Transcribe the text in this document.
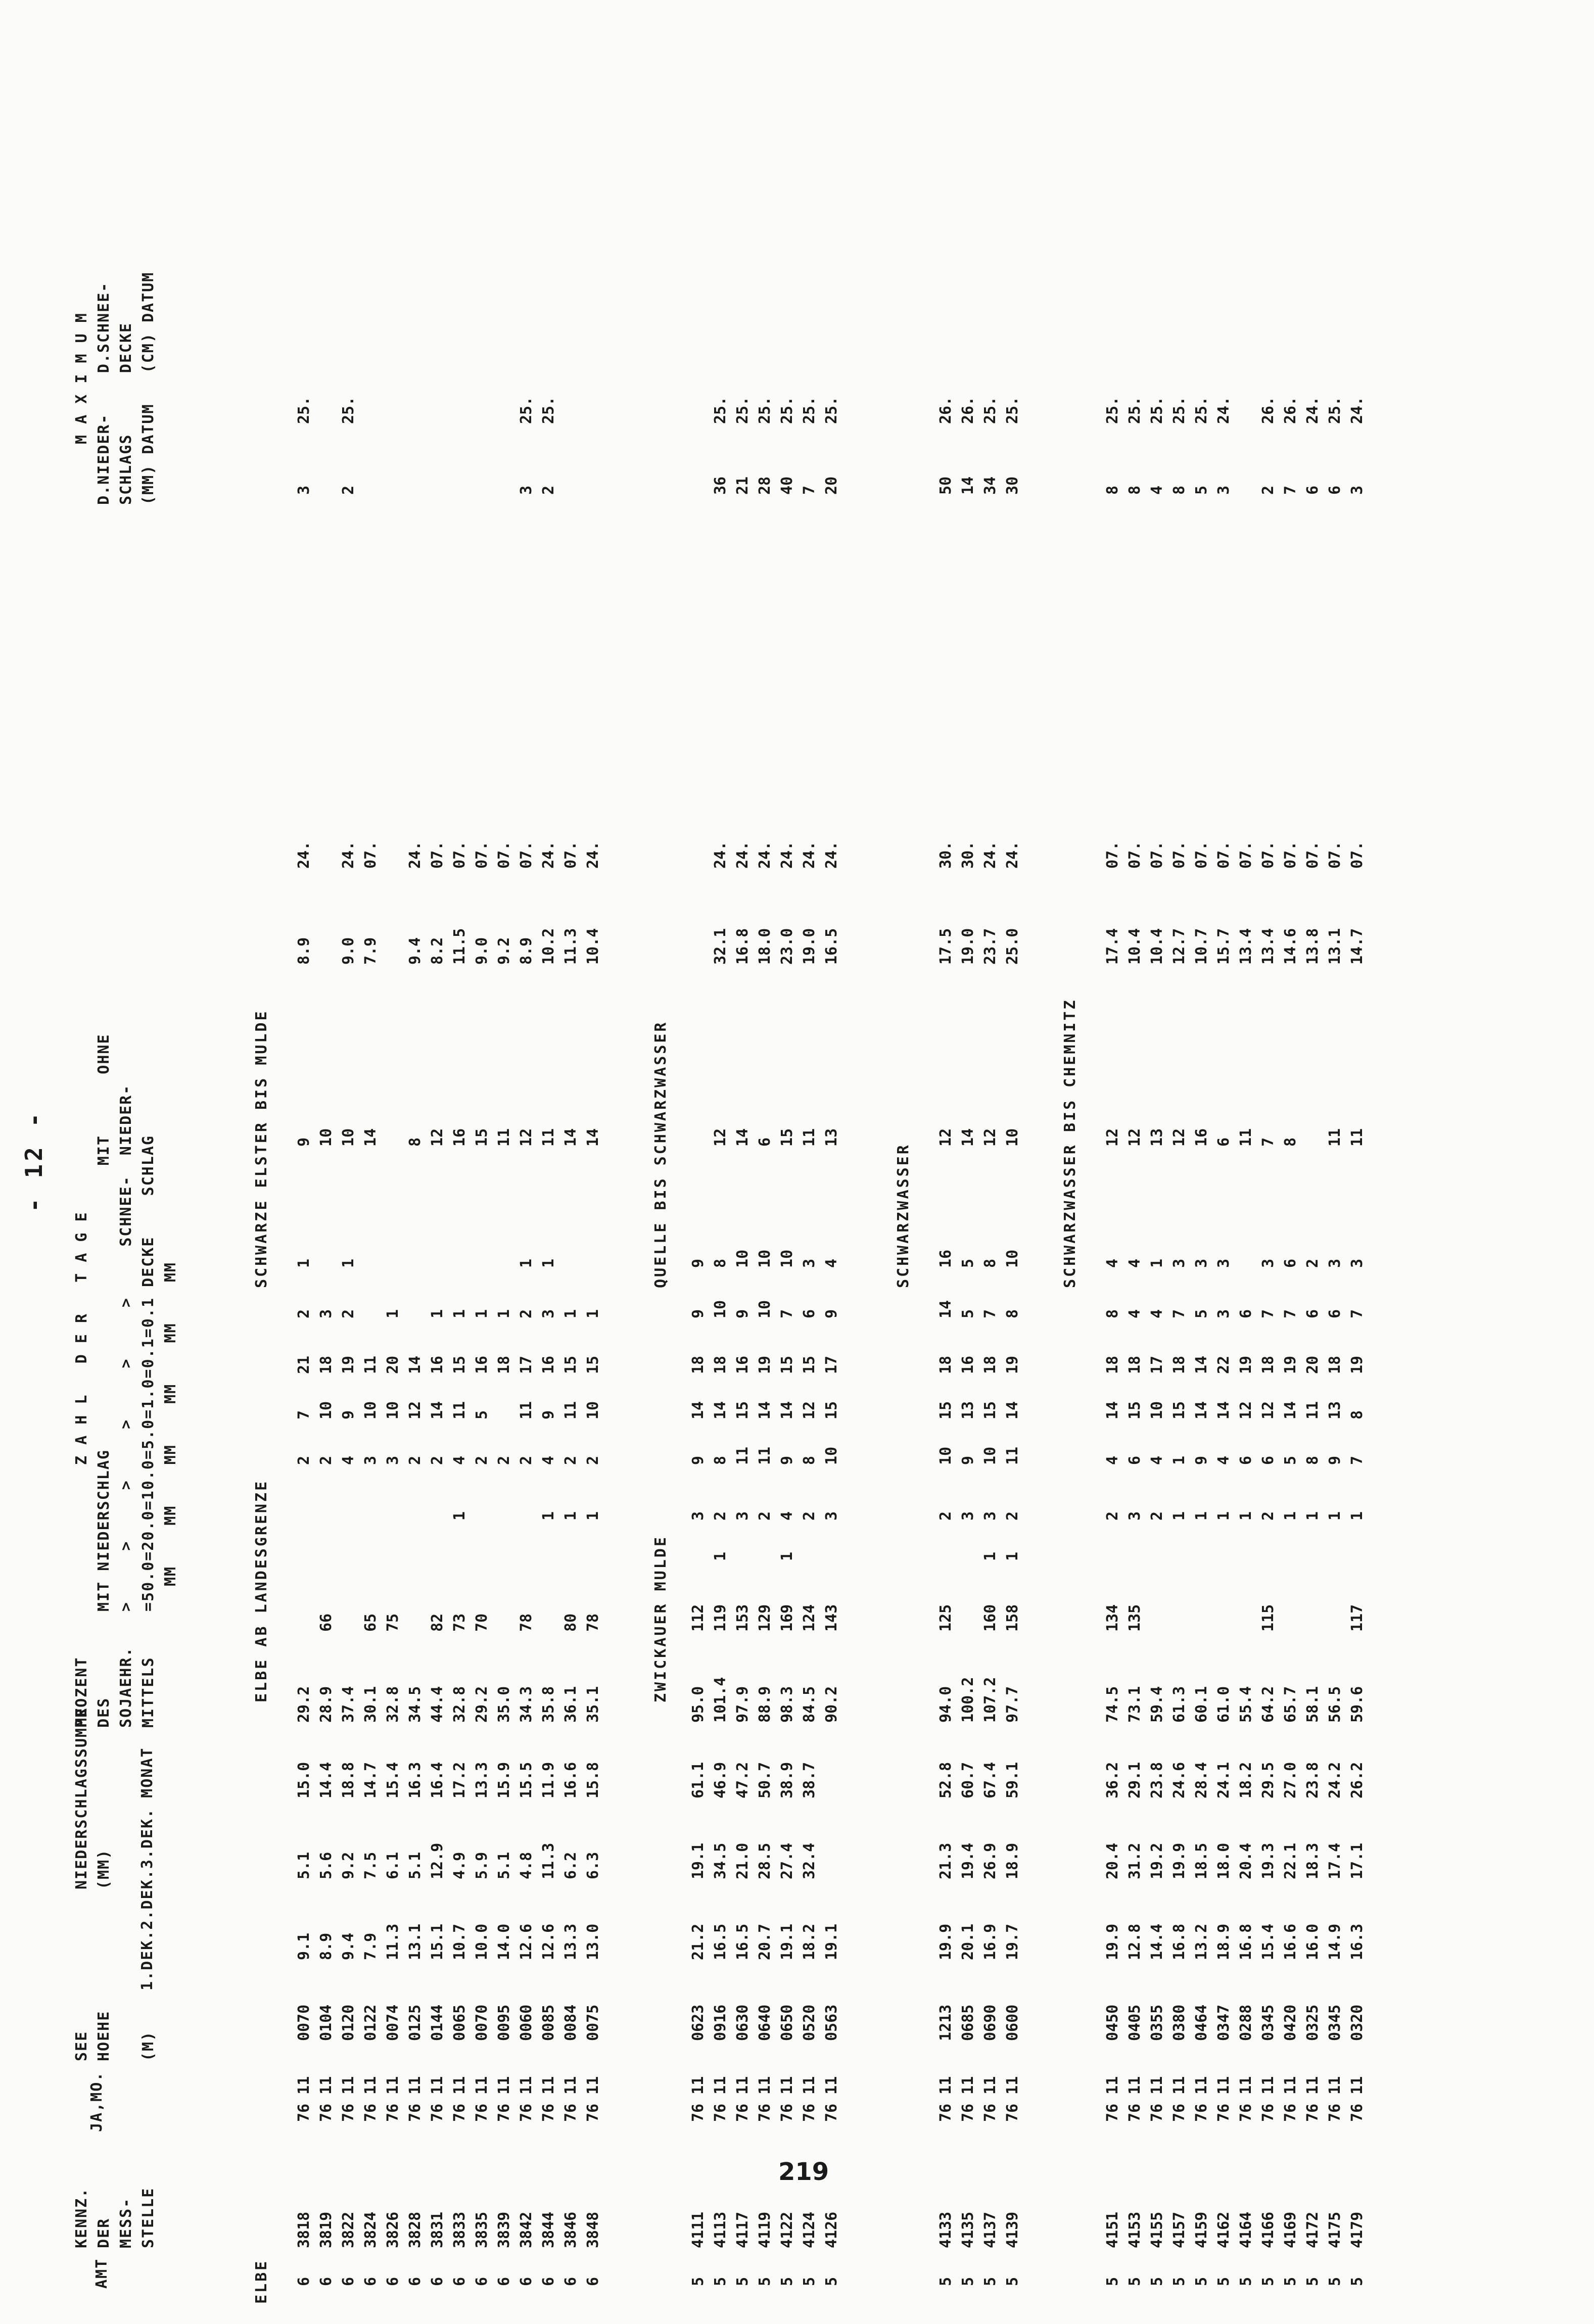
- 12 -
AMT
KENNZ.
DER
MESS-
STELLE
JA,MO.
SEE
HOEHE

(M)
NIEDERSCHLAGSSUMME
(MM) 1.DEK.2.DEK.3.DEK. MONAT
PROZENT
DES
SOJAEHR.
MITTELS
Z A H L   D E R   T A G E MIT NIEDERSCHLAG                            MIT      OHNE >     >     >     >     >     >     SCHNEE-  NIEDER- =50.0=20.0=10.0=5.0=1.0=0.1=0.1 DECKE    SCHLAG MM    MM    MM    MM    MM    MM
M A X I M U M
D.NIEDER-    D.SCHNEE-
SCHLAGS      DECKE
(MM) DATUM   (CM) DATUM
ELBE
ELBE AB LANDESGRENZE
SCHWARZE ELSTER BIS MULDE
ZWICKAUER MULDE
QUELLE BIS SCHWARZWASSER	SCHWARZWASSER	SCHWARZWASSER BIS CHEMNITZ
6
3818
76 11
0070
9.1
5.1
15.0
29.2
2
7
21
2
1
9
8.9
24.
3
25.
6
3819
76 11
0104
8.9
5.6
14.4
28.9
66
2
10
18
3
10
6
3822
76 11
0120
9.4
9.2
18.8
37.4
4
9
19
2
1
10
9.0
24.
2
25.
6
3824
76 11
0122
7.9
7.5
14.7
30.1
65
3
10
11
14
7.9
07.
6
3826
76 11
0074
11.3
6.1
15.4
32.8
75
3
10
20
1
6
3828
76 11
0125
13.1
5.1
16.3
34.5
2
12
14
8
9.4
24.
6
3831
76 11
0144
15.1
12.9
16.4
44.4
82
2
14
16
1
12
8.2
07.
6
3833
76 11
0065
10.7
4.9
17.2
32.8
73
1
4
11
15
1
16
11.5
07.
6
3835
76 11
0070
10.0
5.9
13.3
29.2
70
2
5
16
1
15
9.0
07.
6
3839
76 11
0095
14.0
5.1
15.9
35.0
2
18
1
11
9.2
07.
6
3842
76 11
0060
12.6
4.8
15.5
34.3
78
2
11
17
2
1
12
8.9
07.
3
25.
6
3844
76 11
0085
12.6
11.3
11.9
35.8
1
4
9
16
3
1
11
10.2
24.
2
25.
6
3846
76 11
0084
13.3
6.2
16.6
36.1
80
1
2
11
15
1
14
11.3
07.
6
3848
76 11
0075
13.0
6.3
15.8
35.1
78
1
2
10
15
1
14
10.4
24.
5
4111
76 11
0623
21.2
19.1
61.1
95.0
112
3
9
14
18
9
9
5
4113
76 11
0916
16.5
34.5
46.9
101.4
119
1
2
8
14
18
10
8
12
32.1
24.
36
25.
5
4117
76 11
0630
16.5
21.0
47.2
97.9
153
3
11
15
16
9
10
14
16.8
24.
21
25.
5
4119
76 11
0640
20.7
28.5
50.7
88.9
129
2
11
14
19
10
10
6
18.0
24.
28
25.
5
4122
76 11
0650
19.1
27.4
38.9
98.3
169
1
4
9
14
15
7
10
15
23.0
24.
40
25.
5
4124
76 11
0520
18.2
32.4
38.7
84.5
124
2
8
12
15
6
3
11
19.0
24.
7
25.
5
4126
76 11
0563
19.1
90.2
143
3
10
15
17
9
4
13
16.5
24.
20
25.
5
4133
76 11
1213
19.9
21.3
52.8
94.0
125
2
10
15
18
14
16
12
17.5
30.
50
26.
5
4135
76 11
0685
20.1
19.4
60.7
100.2
3
9
13
16
5
5
14
19.0
30.
14
26.
5
4137
76 11
0690
16.9
26.9
67.4
107.2
160
1
3
10
15
18
7
8
12
23.7
24.
34
25.
5
4139
76 11
0600
19.7
18.9
59.1
97.7
158
1
2
11
14
19
8
10
10
25.0
24.
30
25.
5
4151
76 11
0450
19.9
20.4
36.2
74.5
134
2
4
14
18
8
4
12
17.4
07.
8
25.
5
4153
76 11
0405
12.8
31.2
29.1
73.1
135
3
6
15
18
4
4
12
10.4
07.
8
25.
5
4155
76 11
0355
14.4
19.2
23.8
59.4
2
4
10
17
4
1
13
10.4
07.
4
25.
5
4157
76 11
0380
16.8
19.9
24.6
61.3
1
1
15
18
7
3
12
12.7
07.
8
25.
5
4159
76 11
0464
13.2
18.5
28.4
60.1
1
9
14
14
5
3
16
10.7
07.
5
25.
5
4162
76 11
0347
18.9
18.0
24.1
61.0
1
4
14
22
3
3
6
15.7
07.
3
24.
5
4164
76 11
0288
16.8
20.4
18.2
55.4
1
6
12
19
6
11
13.4
07.
5
4166
76 11
0345
15.4
19.3
29.5
64.2
115
2
6
12
18
7
3
7
13.4
07.
2
26.
5
4169
76 11
0420
16.6
22.1
27.0
65.7
1
5
14
19
7
6
8
14.6
07.
7
26.
5
4172
76 11
0325
16.0
18.3
23.8
58.1
1
8
11
20
6
2
13.8
07.
6
24.
5
4175
76 11
0345
14.9
17.4
24.2
56.5
1
9
13
18
6
3
11
13.1
07.
6
25.
5
4179
76 11
0320
16.3
17.1
26.2
59.6
117
1
7
8
19
7
3
11
14.7
07.
3
24.
219
